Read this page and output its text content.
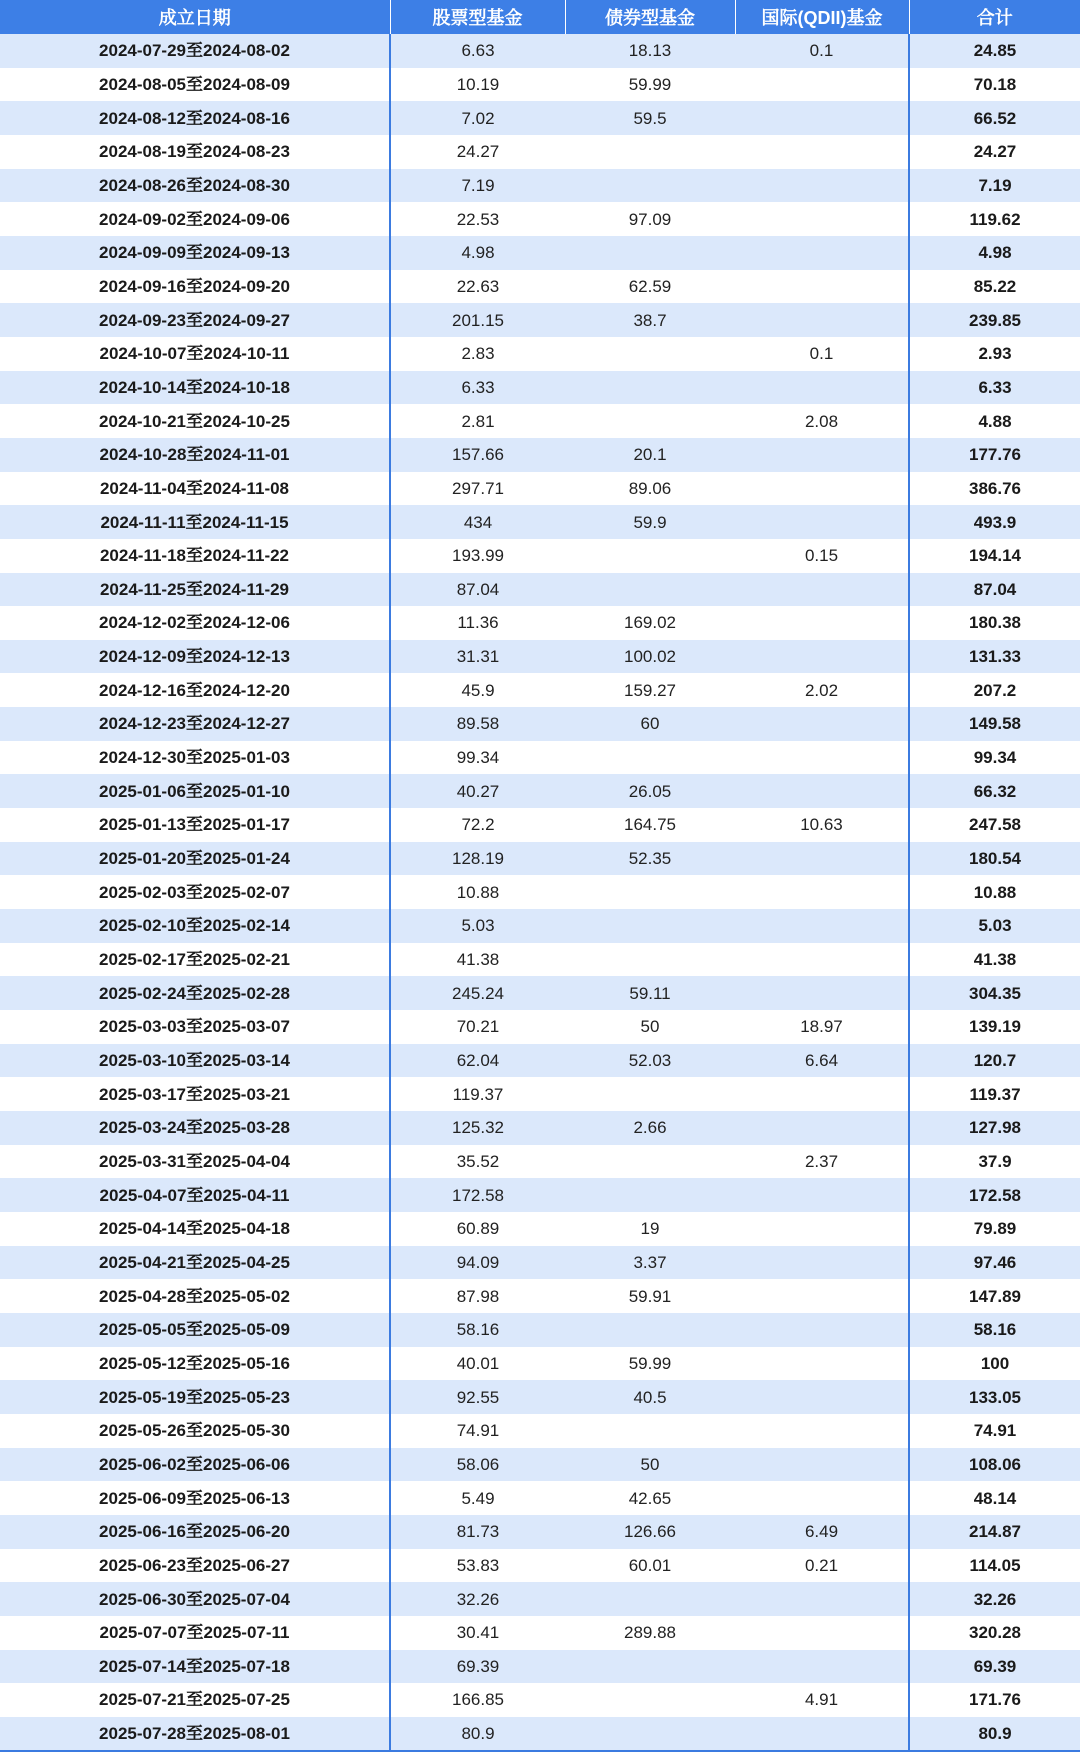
成立日期	股票型基金	债券型基金	国际(QDII)基金	合计
2024-07-29至2024-08-02	6.63	18.13	0.1	24.85
2024-08-05至2024-08-09	10.19	59.99		70.18
2024-08-12至2024-08-16	7.02	59.5		66.52
2024-08-19至2024-08-23	24.27			24.27
2024-08-26至2024-08-30	7.19			7.19
2024-09-02至2024-09-06	22.53	97.09		119.62
2024-09-09至2024-09-13	4.98			4.98
2024-09-16至2024-09-20	22.63	62.59		85.22
2024-09-23至2024-09-27	201.15	38.7		239.85
2024-10-07至2024-10-11	2.83		0.1	2.93
2024-10-14至2024-10-18	6.33			6.33
2024-10-21至2024-10-25	2.81		2.08	4.88
2024-10-28至2024-11-01	157.66	20.1		177.76
2024-11-04至2024-11-08	297.71	89.06		386.76
2024-11-11至2024-11-15	434	59.9		493.9
2024-11-18至2024-11-22	193.99		0.15	194.14
2024-11-25至2024-11-29	87.04			87.04
2024-12-02至2024-12-06	11.36	169.02		180.38
2024-12-09至2024-12-13	31.31	100.02		131.33
2024-12-16至2024-12-20	45.9	159.27	2.02	207.2
2024-12-23至2024-12-27	89.58	60		149.58
2024-12-30至2025-01-03	99.34			99.34
2025-01-06至2025-01-10	40.27	26.05		66.32
2025-01-13至2025-01-17	72.2	164.75	10.63	247.58
2025-01-20至2025-01-24	128.19	52.35		180.54
2025-02-03至2025-02-07	10.88			10.88
2025-02-10至2025-02-14	5.03			5.03
2025-02-17至2025-02-21	41.38			41.38
2025-02-24至2025-02-28	245.24	59.11		304.35
2025-03-03至2025-03-07	70.21	50	18.97	139.19
2025-03-10至2025-03-14	62.04	52.03	6.64	120.7
2025-03-17至2025-03-21	119.37			119.37
2025-03-24至2025-03-28	125.32	2.66		127.98
2025-03-31至2025-04-04	35.52		2.37	37.9
2025-04-07至2025-04-11	172.58			172.58
2025-04-14至2025-04-18	60.89	19		79.89
2025-04-21至2025-04-25	94.09	3.37		97.46
2025-04-28至2025-05-02	87.98	59.91		147.89
2025-05-05至2025-05-09	58.16			58.16
2025-05-12至2025-05-16	40.01	59.99		100
2025-05-19至2025-05-23	92.55	40.5		133.05
2025-05-26至2025-05-30	74.91			74.91
2025-06-02至2025-06-06	58.06	50		108.06
2025-06-09至2025-06-13	5.49	42.65		48.14
2025-06-16至2025-06-20	81.73	126.66	6.49	214.87
2025-06-23至2025-06-27	53.83	60.01	0.21	114.05
2025-06-30至2025-07-04	32.26			32.26
2025-07-07至2025-07-11	30.41	289.88		320.28
2025-07-14至2025-07-18	69.39			69.39
2025-07-21至2025-07-25	166.85		4.91	171.76
2025-07-28至2025-08-01	80.9			80.9
